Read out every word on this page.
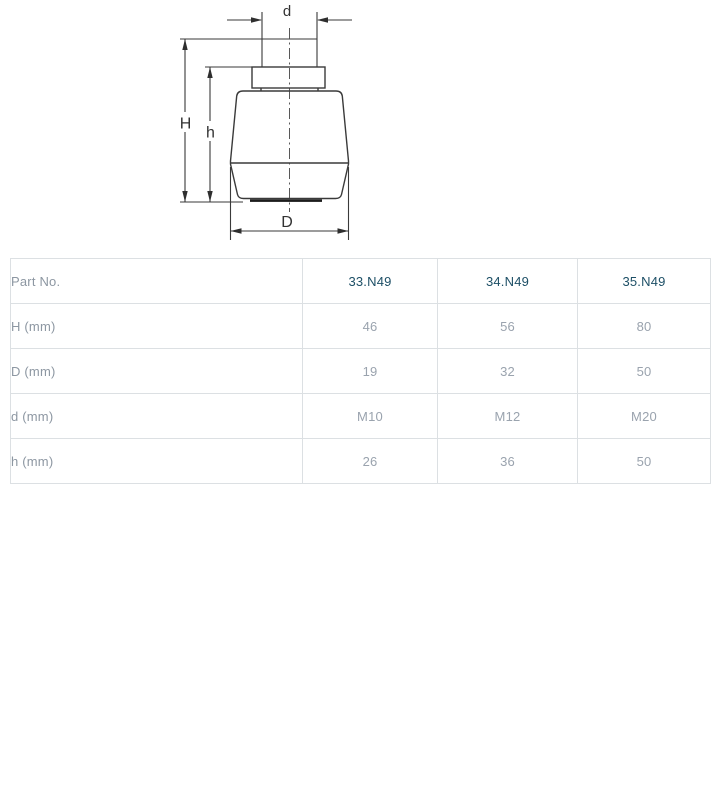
d
H
h
D
Part No.	33.N49	34.N49	35.N49
H (mm)	46	56	80
D (mm)	19	32	50
d (mm)	M10	M12	M20
h (mm)	26	36	50
